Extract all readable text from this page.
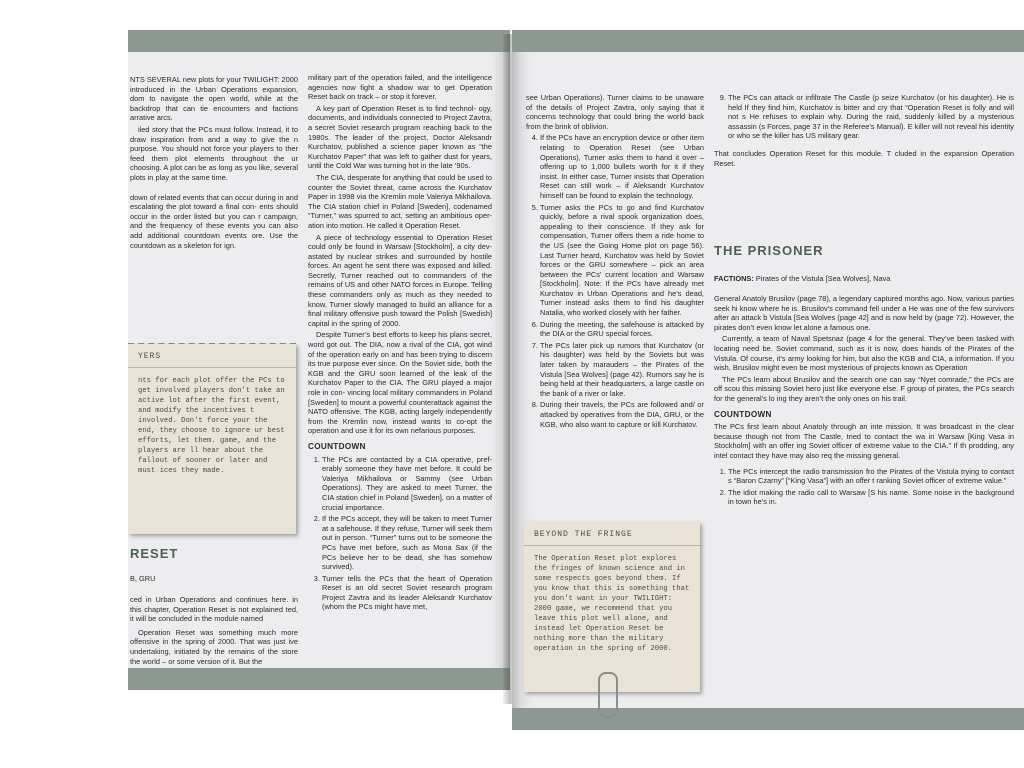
NTS SEVERAL new plots for your TWILIGHT: 2000 introduced in the Urban Operations expansion, dom to navigate the open world, while at the backdrop that can tie encounters and factions arrative arcs.

iled story that the PCs must follow. Instead, it to draw inspiration from and a way to give the n purpose. You should not force your players to ther feed them plot elements throughout the ur choosing. A plot can be as long as you like, several plots in play at the same time.

down of related events that can occur during in and escalating the plot toward a final con- ents should occur in the order listed but you can r campaign, and the frequency of these events you can also add additional countdown events ore. Use the countdown as a skeleton for ign.

YERS
nts for each plot offer the PCs to get involved players don't take an active lot after the first event, and modify the incentives t involved. Don't force your the end, they choose to ignore ur best efforts, let them. game, and the players are ll hear about the fallout of sooner or later and must ices they made.
RESET
B, GRU

ced in Urban Operations and continues here. in this chapter, Operation Reset is not explained ted, it will be concluded in the module named

Operation Reset was something much more offensive in the spring of 2000. That was just ive undertaking, initiated by the remains of the store the world – or some version of it. But the

military part of the operation failed, and the intelligence agencies now fight a shadow war to get Operation Reset back on track – or stop it forever.

A key part of Operation Reset is to find technol- ogy, documents, and individuals connected to Project Zavtra, a secret Soviet research program reaching back to the 1980s. The leader of the project, Doctor Aleksandr Kurchatov, published a science paper known as “the Kurchatov Paper” that was left to gather dust for years, until the Cold War was turning hot in the late ’90s.

The CIA, desperate for anything that could be used to counter the Soviet threat, came across the Kurchatov Paper in 1998 via the Kremlin mole Valeriya Mikhailova. The CIA station chief in Poland [Sweden], codenamed “Turner,” was spurred to act, setting an ambitious oper- ation into motion. He called it Operation Reset.

A piece of technology essential to Operation Reset could only be found in Warsaw [Stockholm], a city dev- astated by nuclear strikes and surrounded by hostile forces. An agent he sent there was exposed and killed. Secretly, Turner reached out to commanders of the remains of US and other NATO forces in Europe. Telling these commanders only as much as they needed to know, Turner slowly managed to build an alliance for a final military offensive push toward the Polish [Swedish] capital in the spring of 2000.

Despite Turner’s best efforts to keep his plans secret, word got out. The DIA, now a rival of the CIA, got wind of the operation early on and has been trying to discern its true purpose ever since. On the Soviet side, both the KGB and the GRU soon learned of the leak of the Kurchatov Paper to the CIA. The GRU played a major role in con- vincing local military commanders in Poland [Sweden] to mount a powerful counterattack against the NATO offensive. The KGB, acting largely independently from the Kremlin now, instead wants to co-opt the operation and use it for its own nefarious purposes.

COUNTDOWN
1. The PCs are contacted by a CIA operative, pref- erably someone they have met before. It could be Valeriya Mikhailova or Sammy (see Urban Operations). They are asked to meet Turner, the CIA station chief in Poland [Sweden], on a matter of crucial importance.
2. If the PCs accept, they will be taken to meet Turner at a safehouse. If they refuse, Turner will seek them out in person. “Turner” turns out to be someone the PCs have met before, such as Mona Sax (if the PCs believe her to be dead, she has somehow survived).
3. Turner tells the PCs that the heart of Operation Reset is an old secret Soviet research program Project Zavtra and its leader Aleksandr Kurchatov (whom the PCs might have met,

see Urban Operations). Turner claims to be unaware of the details of Project Zavtra, only saying that it concerns technology that could bring the world back from the brink of oblivion.

4. If the PCs have an encryption device or other item relating to Operation Reset (see Urban Operations), Turner asks them to hand it over – offering up to 1,000 bullets worth for it if they insist. In either case, Turner insists that Operation Reset can still work – if Aleksandr Kurchatov himself can be found to explain the technology.
5. Turner asks the PCs to go and find Kurchatov quickly, before a rival spook organization does, appealing to their conscience. If they ask for compensation, Turner offers them a ride home to the US (see the Going Home plot on page 56). Last Turner heard, Kurchatov was held by Soviet forces or the GRU somewhere – pick an area between the PCs’ current location and Warsaw [Stockholm]. Note: If the PCs have already met Kurchatov in Urban Operations and he’s dead, Turner instead asks them to find his daughter Natalia, who worked closely with her father.
6. During the meeting, the safehouse is attacked by the DIA or the GRU special forces.
7. The PCs later pick up rumors that Kurchatov (or his daughter) was held by the Soviets but was later taken by marauders – the Pirates of the Vistula [Sea Wolves] (page 42). Rumors say he is being held at their headquarters, a large castle on the bank of a river or lake.
8. During their travels, the PCs are followed and/ or attacked by operatives from the DIA, GRU, or the KGB, who also want to capture or kill Kurchatov.
BEYOND THE FRINGE
The Operation Reset plot explores the fringes of known science and in some respects goes beyond them. If you know that this is something that you don't want in your TWILIGHT: 2000 game, we recommend that you leave this plot well alone, and instead let Operation Reset be nothing more than the military operation in the spring of 2000.
9. The PCs can attack or infiltrate The Castle (p seize Kurchatov (or his daughter). He is held If they find him, Kurchatov is bitter and cry that “Operation Reset is folly and will not s He refuses to explain why. During the raid, suddenly killed by a mysterious assassin (s Forces, page 37 in the Referee’s Manual). E killer will not reveal his identity or who se the killer has US military gear.

That concludes Operation Reset for this module. T cluded in the expansion Operation Reset.

THE PRISONER
FACTIONS: Pirates of the Vistula [Sea Wolves], Nava

General Anatoly Brusilov (page 78), a legendary captured months ago. Now, various parties seek hi know where he is. Brusilov’s command fell under a He was one of the few survivors after an attack b Vistula [Sea Wolves (page 42] and is now held by (page 72). However, the pirates don’t even know let alone a famous one.

Currently, a team of Naval Spetsnaz (page 4 for the general. They’ve been tasked with locating need be. Soviet command, such as it is now, does hands of the Pirates of the Vistula. Of course, it’s army looking for him, but also the KGB and CIA, a information. If you wish, Brusilov might even be most mysterious of projects known as Operation

The PCs learn about Brusilov and the search one can say “Nyet comrade,” the PCs are off scou this missing Soviet hero just like everyone else. F group of pirates, the PCs search for the general’s lo ing they aren’t the only ones on his trail.

COUNTDOWN

The PCs first learn about Anatoly through an inte mission. It was broadcast in the clear because though not from The Castle, tried to contact the wa in Warsaw [King Vasa in Stockholm] with an offer ing Soviet officer of extreme value to the CIA.” If th prodding, any intel contact they have may also req the missing general.

1. The PCs intercept the radio transmission fro the Pirates of the Vistula trying to contact s “Baron Czarny” [“King Vasa”] with an offer t ranking Soviet officer of extreme value.”
2. The idiot making the radio call to Warsaw [S his name. Some noise in the background in town he’s in.
